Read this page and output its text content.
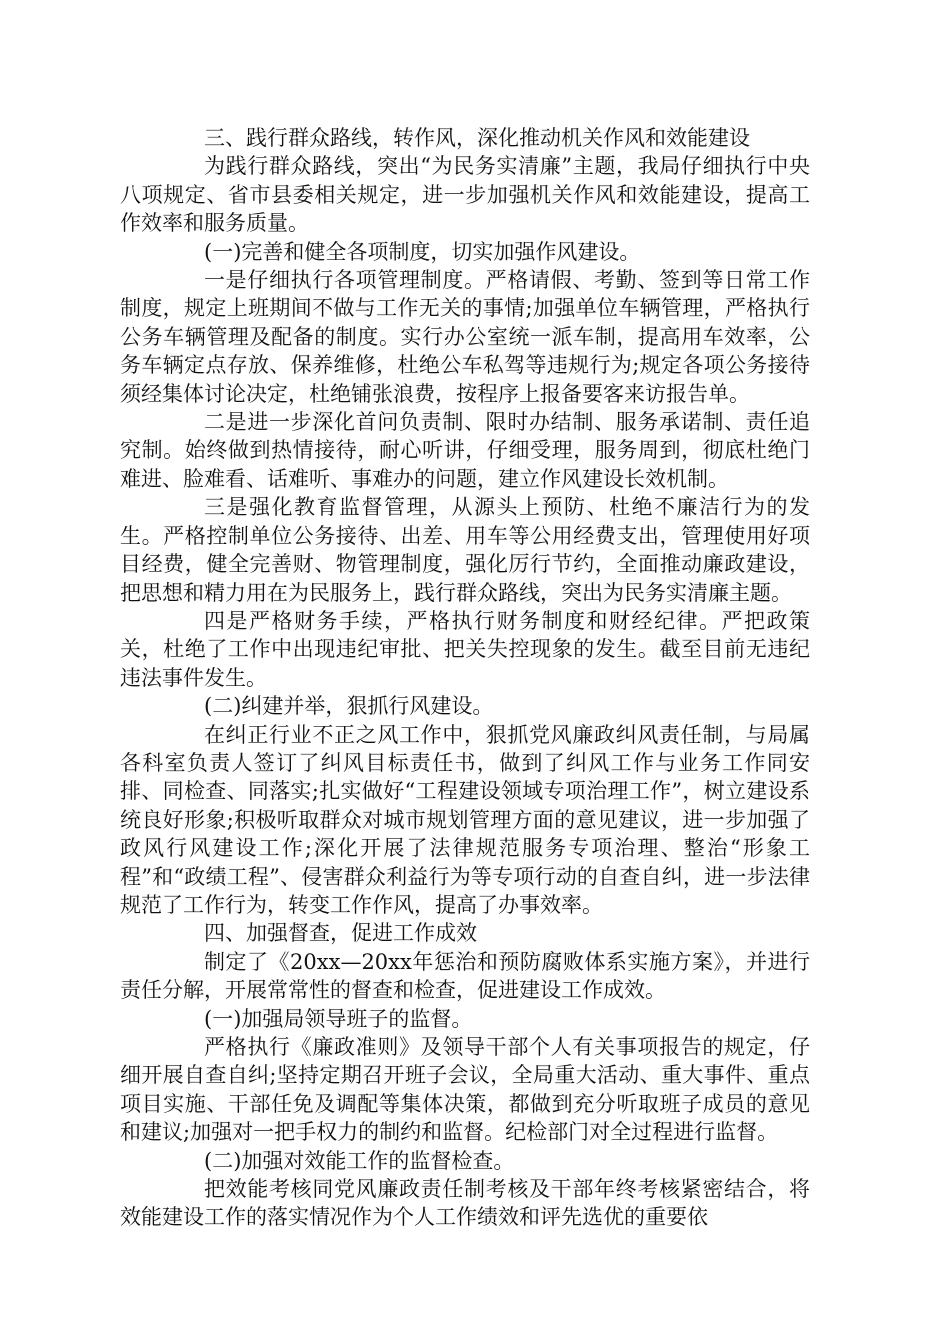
三、践行群众路线，转作风，深化推动机关作风和效能建设

为践行群众路线，突出“为民务实清廉”主题，我局仔细执行中央八项规定、省市县委相关规定，进一步加强机关作风和效能建设，提高工作效率和服务质量。

(一)完善和健全各项制度，切实加强作风建设。

一是仔细执行各项管理制度。严格请假、考勤、签到等日常工作制度，规定上班期间不做与工作无关的事情;加强单位车辆管理，严格执行公务车辆管理及配备的制度。实行办公室统一派车制，提高用车效率，公务车辆定点存放、保养维修，杜绝公车私驾等违规行为;规定各项公务接待须经集体讨论决定，杜绝铺张浪费，按程序上报备要客来访报告单。

二是进一步深化首问负责制、限时办结制、服务承诺制、责任追究制。始终做到热情接待，耐心听讲，仔细受理，服务周到，彻底杜绝门难进、脸难看、话难听、事难办的问题，建立作风建设长效机制。

三是强化教育监督管理，从源头上预防、杜绝不廉洁行为的发生。严格控制单位公务接待、出差、用车等公用经费支出，管理使用好项目经费，健全完善财、物管理制度，强化厉行节约，全面推动廉政建设，把思想和精力用在为民服务上，践行群众路线，突出为民务实清廉主题。

四是严格财务手续，严格执行财务制度和财经纪律。严把政策关，杜绝了工作中出现违纪审批、把关失控现象的发生。截至目前无违纪违法事件发生。

(二)纠建并举，狠抓行风建设。

在纠正行业不正之风工作中，狠抓党风廉政纠风责任制，与局属各科室负责人签订了纠风目标责任书，做到了纠风工作与业务工作同安排、同检查、同落实;扎实做好“工程建设领域专项治理工作”，树立建设系统良好形象;积极听取群众对城市规划管理方面的意见建议，进一步加强了政风行风建设工作;深化开展了法律规范服务专项治理、整治“形象工程”和“政绩工程”、侵害群众利益行为等专项行动的自查自纠，进一步法律规范了工作行为，转变工作作风，提高了办事效率。

四、加强督查，促进工作成效

制定了《20xx—20xx年惩治和预防腐败体系实施方案》，并进行责任分解，开展常常性的督查和检查，促进建设工作成效。

(一)加强局领导班子的监督。

严格执行《廉政准则》及领导干部个人有关事项报告的规定，仔细开展自查自纠;坚持定期召开班子会议，全局重大活动、重大事件、重点项目实施、干部任免及调配等集体决策，都做到充分听取班子成员的意见和建议;加强对一把手权力的制约和监督。纪检部门对全过程进行监督。

(二)加强对效能工作的监督检查。

把效能考核同党风廉政责任制考核及干部年终考核紧密结合，将效能建设工作的落实情况作为个人工作绩效和评先选优的重要依
